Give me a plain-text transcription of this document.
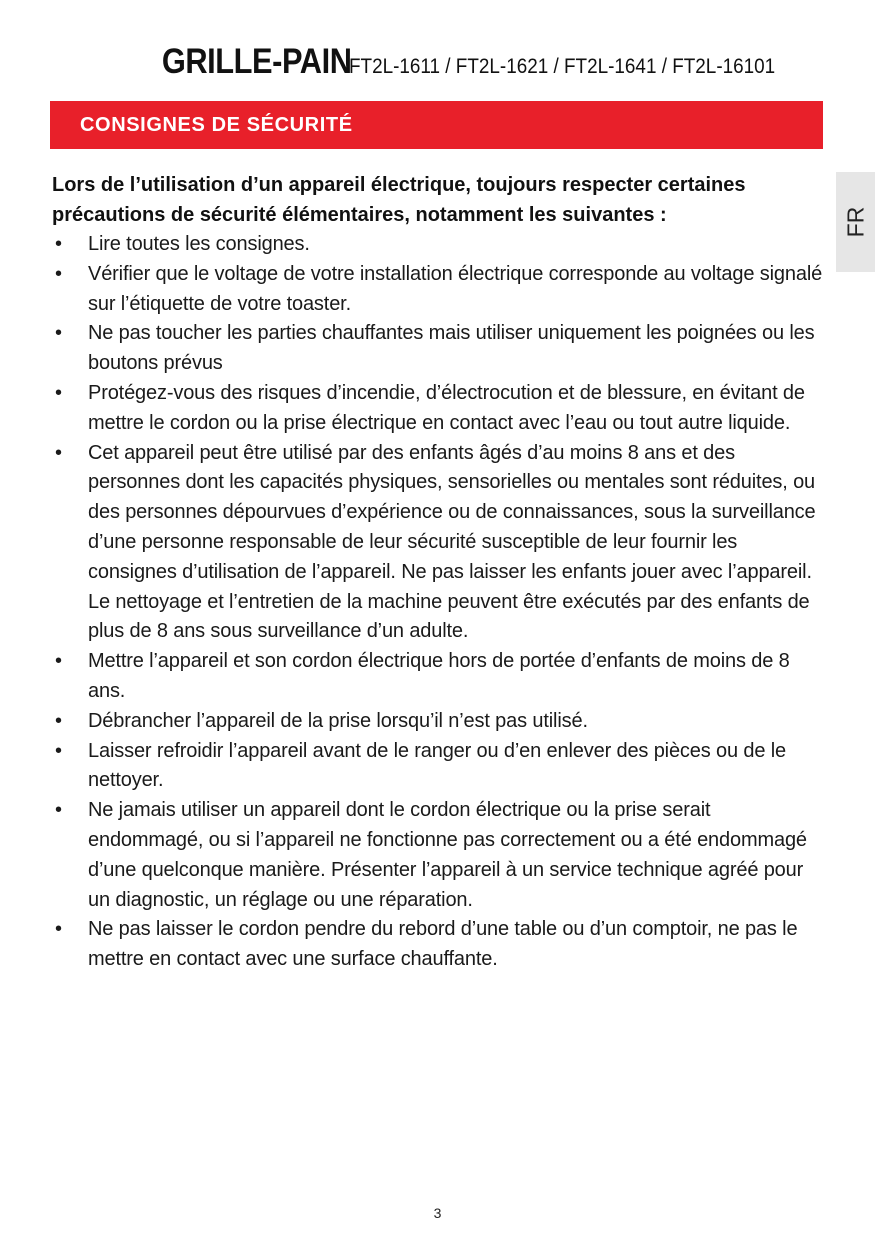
GRILLE-PAIN FT2L-1611 / FT2L-1621 / FT2L-1641 / FT2L-16101
CONSIGNES DE SÉCURITÉ
FR

Lors de l’utilisation d’un appareil électrique, toujours respecter certaines précautions de sécurité élémentaires, notamment les suivantes :

• Lire toutes les consignes.
• Vérifier que le voltage de votre installation électrique corresponde au voltage signalé sur l’étiquette de votre toaster.
• Ne pas toucher les parties chauffantes mais utiliser uniquement les poignées ou les boutons prévus
• Protégez-vous des risques d’incendie, d’électrocution et de blessure, en évitant de mettre le cordon ou la prise électrique en contact avec l’eau ou tout autre liquide.
• Cet appareil peut être utilisé par des enfants âgés d’au moins 8 ans et des personnes dont les capacités physiques, sensorielles ou mentales sont réduites, ou des personnes dépourvues d’expérience ou de connaissances, sous la surveillance d’une personne responsable de leur sécurité susceptible de leur fournir les consignes d’utilisation de l’appareil. Ne pas laisser les enfants jouer avec l’appareil. Le nettoyage et l’entretien de la machine peuvent être exécutés par des enfants de plus de 8 ans sous surveillance d’un adulte.
• Mettre l’appareil et son cordon électrique hors de portée d’enfants de moins de 8 ans.
• Débrancher l’appareil de la prise lorsqu’il n’est pas utilisé.
• Laisser refroidir l’appareil avant de le ranger ou d’en enlever des pièces ou de le nettoyer.
• Ne jamais utiliser un appareil dont le cordon électrique ou la prise serait endommagé, ou si l’appareil ne fonctionne pas correctement ou a été endommagé d’une quelconque manière. Présenter l’appareil à un service technique agréé pour un diagnostic, un réglage ou une réparation.
• Ne pas laisser le cordon pendre du rebord d’une table ou d’un comptoir, ne pas le mettre en contact avec une surface chauffante.
3
